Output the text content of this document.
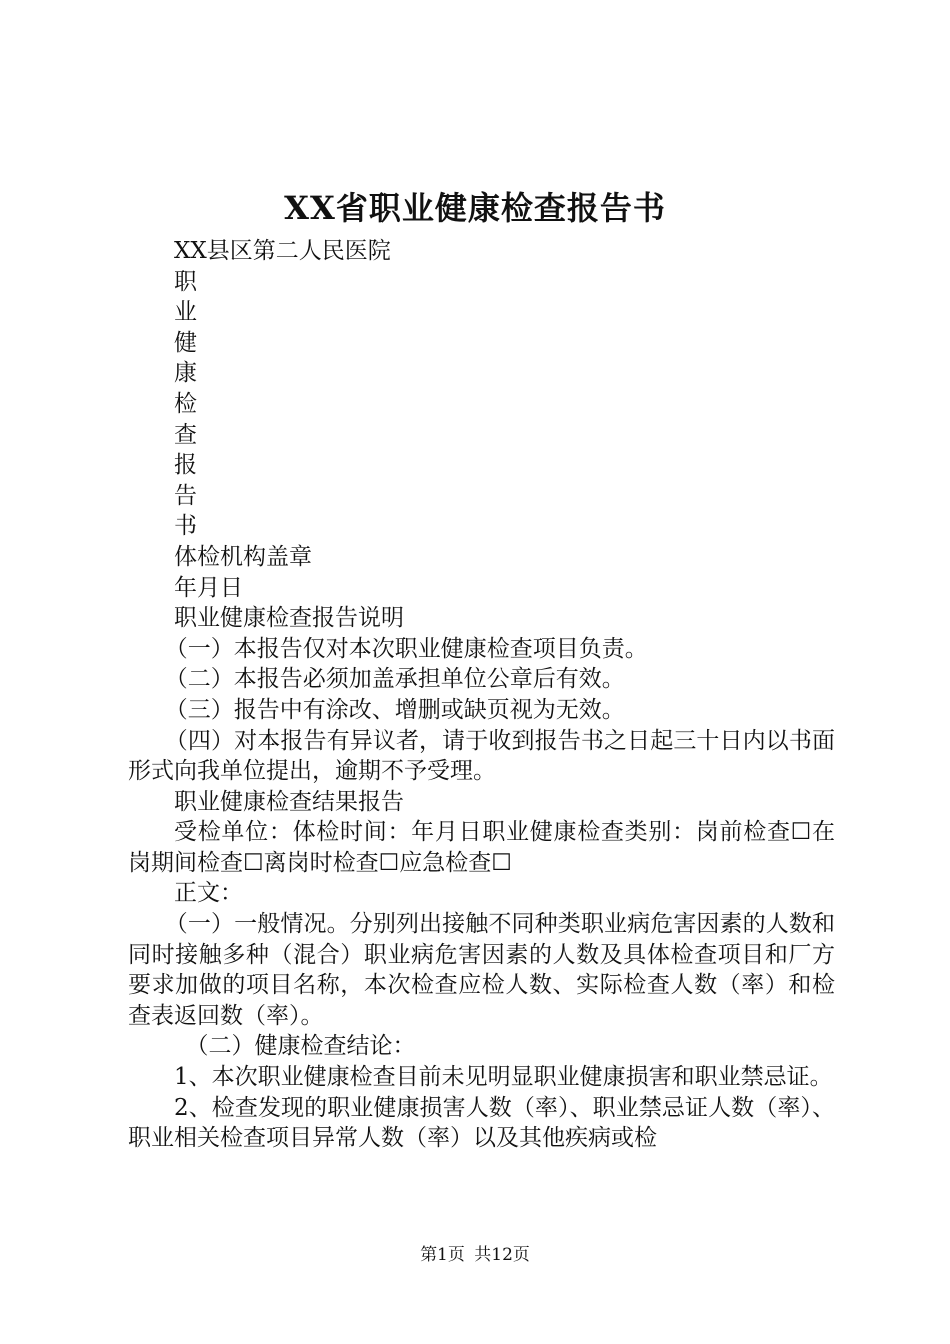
XX省职业健康检查报告书

XX县区第二人民医院

职

业

健

康

检

查

报

告

书

体检机构盖章

年月日

职业健康检查报告说明

（一）本报告仅对本次职业健康检查项目负责。

（二）本报告必须加盖承担单位公章后有效。

（三）报告中有涂改、增删或缺页视为无效。

（四）对本报告有异议者，请于收到报告书之日起三十日内以书面形式向我单位提出，逾期不予受理。

职业健康检查结果报告

受检单位：体检时间：年月日职业健康检查类别：岗前检查☐在岗期间检查☐离岗时检查☐应急检查☐

正文：

（一）一般情况。分别列出接触不同种类职业病危害因素的人数和同时接触多种（混合）职业病危害因素的人数及具体检查项目和厂方要求加做的项目名称，本次检查应检人数、实际检查人数（率）和检查表返回数（率）。

（二）健康检查结论：

1、本次职业健康检查目前未见明显职业健康损害和职业禁忌证。

2、检查发现的职业健康损害人数（率）、职业禁忌证人数（率）、职业相关检查项目异常人数（率）以及其他疾病或检

第1页 共12页
